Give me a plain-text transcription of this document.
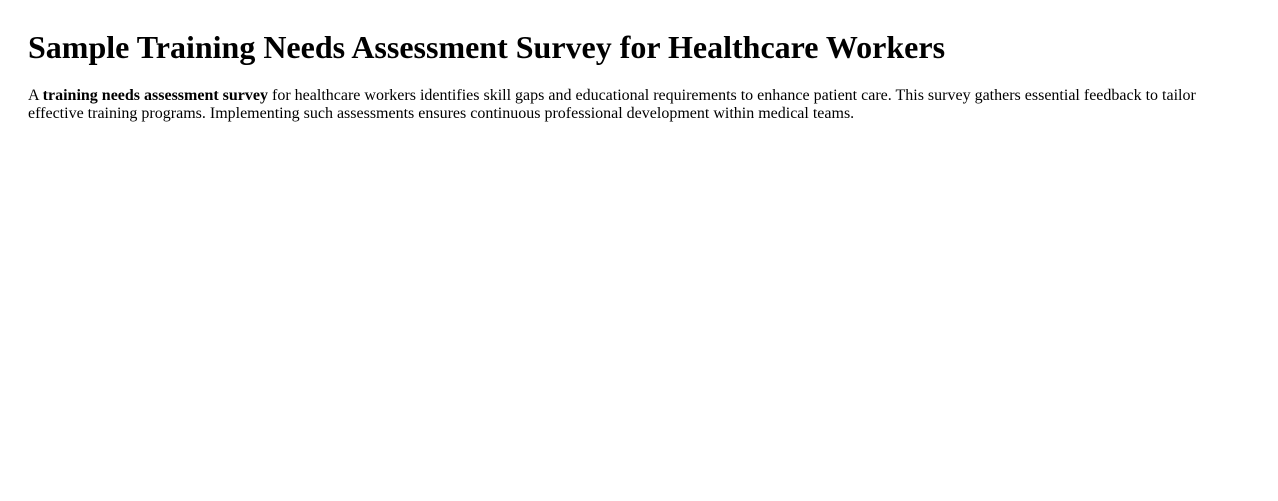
Sample Training Needs Assessment Survey for Healthcare Workers

A training needs assessment survey for healthcare workers identifies skill gaps and educational requirements to enhance patient care. This survey gathers essential feedback to tailor effective training programs. Implementing such assessments ensures continuous professional development within medical teams.
